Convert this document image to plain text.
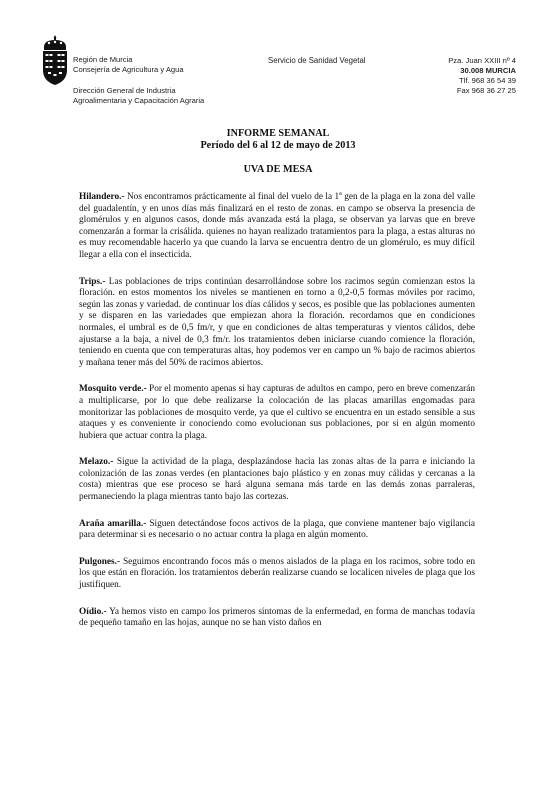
Región de Murcia
Consejería de Agricultura y Agua
Dirección General de Industria
Agroalimentaria y Capacitación Agraria
Servicio de Sanidad Vegetal	Pza. Juan XXIII nº 4
30.008 MURCIA
Tlf. 968 36 54 39
Fax 968 36 27 25
INFORME SEMANAL
Período del 6 al 12 de mayo de 2013
UVA DE MESA

Hilandero.- Nos encontramos prácticamente al final del vuelo de la 1$^a$ gen de la plaga en la zona del valle del guadalentín, y en unos días más finalizará en el resto de zonas. en campo se observa la presencia de glomérulos y en algunos casos, donde más avanzada está la plaga, se observan ya larvas que en breve comenzarán a formar la crisálida. quienes no hayan realizado tratamientos para la plaga, a estas alturas no es muy recomendable hacerlo ya que cuando la larva se encuentra dentro de un glomérulo, es muy difícil llegar a ella con el insecticida.

Trips.- Las poblaciones de trips continúan desarrollándose sobre los racimos según comienzan estos la floración. en estos momentos los niveles se mantienen en torno a 0,2-0,5 formas móviles por racimo, según las zonas y variedad. de continuar los días cálidos y secos, es posible que las poblaciones aumenten y se disparen en las variedades que empiezan ahora la floración. recordamos que en condiciones normales, el umbral es de 0,5 fm/r, y que en condiciones de altas temperaturas y vientos cálidos, debe ajustarse a la baja, a nivel de 0,3 fm/r. los tratamientos deben iniciarse cuando comience la floración, teniendo en cuenta que con temperaturas altas, hoy podemos ver en campo un % bajo de racimos abiertos y mañana tener más del 50% de racimos abiertos.

Mosquito verde.- Por el momento apenas si hay capturas de adultos en campo, pero en breve comenzarán a multiplicarse, por lo que debe realizarse la colocación de las placas amarillas engomadas para monitorizar las poblaciones de mosquito verde, ya que el cultivo se encuentra en un estado sensible a sus ataques y es conveniente ir conociendo como evolucionan sus poblaciones, por si en algún momento hubiera que actuar contra la plaga.

Melazo.- Sigue la actividad de la plaga, desplazándose hacia las zonas altas de la parra e iniciando la colonización de las zonas verdes (en plantaciones bajo plástico y en zonas muy cálidas y cercanas a la costa) mientras que ese proceso se hará alguna semana más tarde en las demás zonas parraleras, permaneciendo la plaga mientras tanto bajo las cortezas.

Araña amarilla.- Siguen detectándose focos activos de la plaga, que conviene mantener bajo vigilancia para determinar si es necesario o no actuar contra la plaga en algún momento.

Pulgones.- Seguimos encontrando focos más o menos aislados de la plaga en los racimos, sobre todo en los que están en floración. los tratamientos deberán realizarse cuando se localicen niveles de plaga que los justifiquen.

Oídio.- Ya hemos visto en campo los primeros síntomas de la enfermedad, en forma de manchas todavía de pequeño tamaño en las hojas, aunque no se han visto daños en
